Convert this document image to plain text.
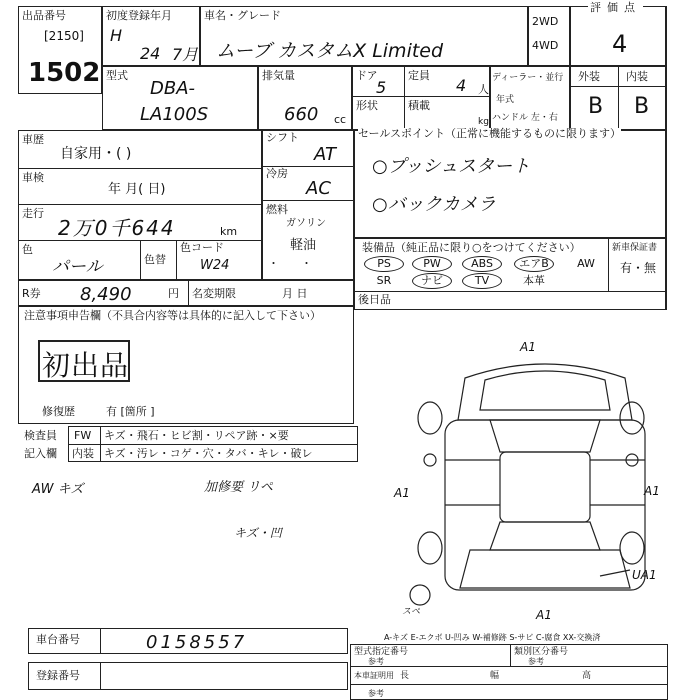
出品番号
[2150]
1502
初度登録年月
H
24 7月
車名・グレード
ムーブ カスタムX Limited
2WD
4WD
評価点
4
型式
DBA-
LA100S
排気量
660 cc
ドア
5
定員
4 人
形状	積載
kg
ディーラー・並行
年式
ハンドル 左・右
外装 内装
B B
車歴
自家用・( )
車検
年 月( 日)
走行
2万0千644	km
色
パール	色替
色コード
W24
シフト
AT
冷房
AC
燃料
ガソリン
軽油
・　　・
セールスポイント（正常に機能するものに限ります）
○プッシュスタート
○バックカメラ
装備品（純正品に限り○をつけてください）	新車保証書
有・無
PS	PW	ABS	エアB	AW
SR	ナビ	TV	本革
後日品
R券 8,490	円 名変期限	月 日
注意事項申告欄（不具合内容等は具体的に記入して下さい）
初出品
修復歴	有 [箇所 ]
検査員
記入欄
FW キズ・飛石・ヒビ割・リペア跡・×要
内装 キズ・汚レ・コゲ・穴・タバ・キレ・破レ
AW キズ	加修要 リペ
キズ・凹
A1
A1	A1
UA1
スペ	A1
A-キズ E-エクボ U-凹み W-補修跡 S-サビ C-腐食 XX-交換済
車台番号	0158557
登録番号
型式指定番号
参考
類別区分番号
参考
本車証明用 長	幅	高
参考
